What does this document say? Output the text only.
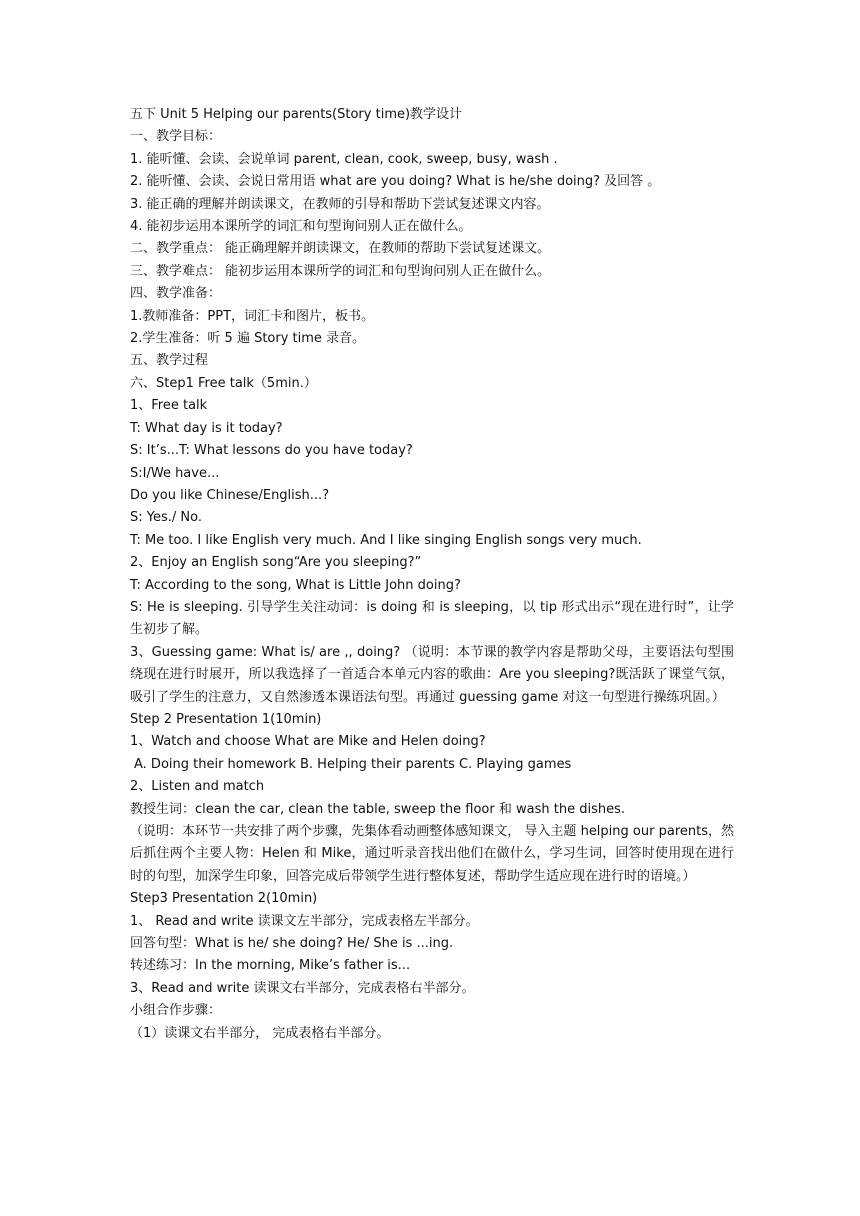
五下 Unit 5 Helping our parents(Story time)教学设计

一、教学目标：

1. 能听懂、会读、会说单词 parent, clean, cook, sweep, busy, wash .

2. 能听懂、会读、会说日常用语 what are you doing? What is he/she doing? 及回答 。

3. 能正确的理解并朗读课文，在教师的引导和帮助下尝试复述课文内容。

4. 能初步运用本课所学的词汇和句型询问别人正在做什么。

二、教学重点： 能正确理解并朗读课文，在教师的帮助下尝试复述课文。

三、教学难点： 能初步运用本课所学的词汇和句型询问别人正在做什么。

四、教学准备：

1.教师准备：PPT，词汇卡和图片，板书。

2.学生准备：听 5 遍 Story time 录音。

五、教学过程

六、Step1 Free talk（5min.）

1、Free talk

T: What day is it today?

S: It’s...T: What lessons do you have today?

S:I/We have...

Do you like Chinese/English...?

S: Yes./ No.

T: Me too. I like English very much. And I like singing English songs very much.

2、Enjoy an English song“Are you sleeping?”

T: According to the song, What is Little John doing?

S: He is sleeping. 引导学生关注动词：is doing 和 is sleeping，以 tip 形式出示“现在进行时”，让学生初步了解。

3、Guessing game: What is/ are ,, doing? （说明：本节课的教学内容是帮助父母，主要语法句型围绕现在进行时展开，所以我选择了一首适合本单元内容的歌曲：Are you sleeping?既活跃了课堂气氛，吸引了学生的注意力，又自然渗透本课语法句型。再通过 guessing game 对这一句型进行操练巩固。）

Step 2 Presentation 1(10min)

1、Watch and choose What are Mike and Helen doing?

A. Doing their homework B. Helping their parents C. Playing games

2、Listen and match

教授生词：clean the car, clean the table, sweep the floor 和 wash the dishes.

（说明：本环节一共安排了两个步骤，先集体看动画整体感知课文， 导入主题 helping our parents，然后抓住两个主要人物：Helen 和 Mike，通过听录音找出他们在做什么，学习生词，回答时使用现在进行时的句型，加深学生印象，回答完成后带领学生进行整体复述，帮助学生适应现在进行时的语境。）

Step3 Presentation 2(10min)

1、 Read and write 读课文左半部分，完成表格左半部分。

回答句型：What is he/ she doing? He/ She is ...ing.

转述练习：In the morning, Mike’s father is...

3、Read and write 读课文右半部分，完成表格右半部分。

小组合作步骤：

（1）读课文右半部分， 完成表格右半部分。
